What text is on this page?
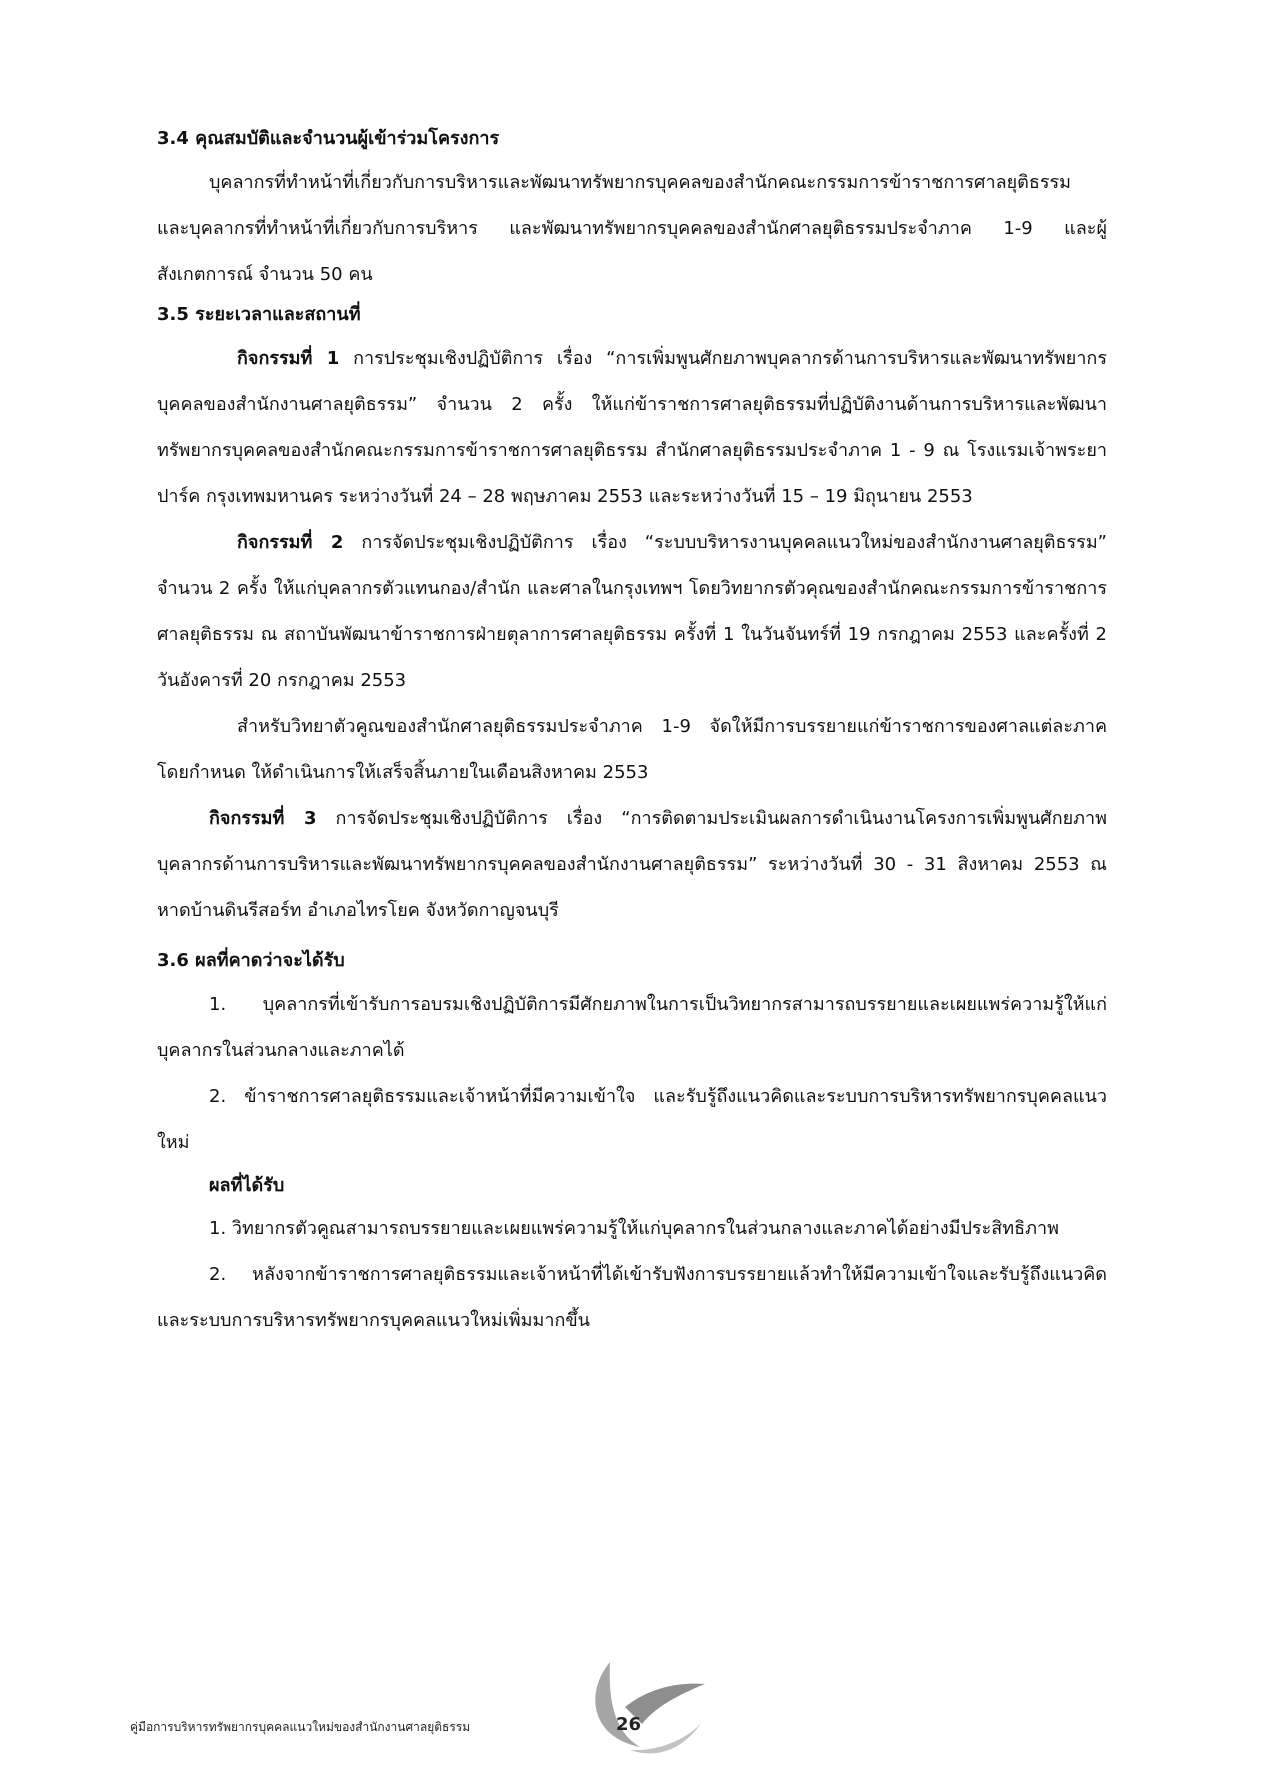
3.4 คุณสมบัติและจำนวนผู้เข้าร่วมโครงการ

บุคลากรที่ทำหน้าที่เกี่ยวกับการบริหารและพัฒนาทรัพยากรบุคคลของสำนักคณะกรรมการข้าราชการศาลยุติธรรม และบุคลากรที่ทำหน้าที่เกี่ยวกับการบริหาร และพัฒนาทรัพยากรบุคคลของสำนักศาลยุติธรรมประจำภาค 1-9 และผู้สังเกตการณ์ จำนวน 50 คน

3.5 ระยะเวลาและสถานที่

กิจกรรมที่ 1 การประชุมเชิงปฏิบัติการ เรื่อง “การเพิ่มพูนศักยภาพบุคลากรด้านการบริหารและพัฒนาทรัพยากรบุคคลของสำนักงานศาลยุติธรรม” จำนวน 2 ครั้ง ให้แก่ข้าราชการศาลยุติธรรมที่ปฏิบัติงานด้านการบริหารและพัฒนาทรัพยากรบุคคลของสำนักคณะกรรมการข้าราชการศาลยุติธรรม สำนักศาลยุติธรรมประจำภาค 1 - 9 ณ โรงแรมเจ้าพระยาปาร์ค กรุงเทพมหานคร ระหว่างวันที่ 24 – 28 พฤษภาคม 2553 และระหว่างวันที่ 15 – 19 มิถุนายน 2553

กิจกรรมที่ 2 การจัดประชุมเชิงปฏิบัติการ เรื่อง “ระบบบริหารงานบุคคลแนวใหม่ของสำนักงานศาลยุติธรรม” จำนวน 2 ครั้ง ให้แก่บุคลากรตัวแทนกอง/สำนัก และศาลในกรุงเทพฯ โดยวิทยากรตัวคุณของสำนักคณะกรรมการข้าราชการศาลยุติธรรม ณ สถาบันพัฒนาข้าราชการฝ่ายตุลาการศาลยุติธรรม ครั้งที่ 1 ในวันจันทร์ที่ 19 กรกฎาคม 2553 และครั้งที่ 2 วันอังคารที่ 20 กรกฎาคม 2553

สำหรับวิทยาตัวคูณของสำนักศาลยุติธรรมประจำภาค 1-9 จัดให้มีการบรรยายแก่ข้าราชการของศาลแต่ละภาค โดยกำหนด ให้ดำเนินการให้เสร็จสิ้นภายในเดือนสิงหาคม 2553

กิจกรรมที่ 3 การจัดประชุมเชิงปฏิบัติการ เรื่อง “การติดตามประเมินผลการดำเนินงานโครงการเพิ่มพูนศักยภาพบุคลากรด้านการบริหารและพัฒนาทรัพยากรบุคคลของสำนักงานศาลยุติธรรม” ระหว่างวันที่ 30 - 31 สิงหาคม 2553 ณ หาดบ้านดินรีสอร์ท อำเภอไทรโยค จังหวัดกาญจนบุรี

3.6 ผลที่คาดว่าจะได้รับ

1. บุคลากรที่เข้ารับการอบรมเชิงปฏิบัติการมีศักยภาพในการเป็นวิทยากรสามารถบรรยายและเผยแพร่ความรู้ให้แก่บุคลากรในส่วนกลางและภาคได้

2. ข้าราชการศาลยุติธรรมและเจ้าหน้าที่มีความเข้าใจ และรับรู้ถึงแนวคิดและระบบการบริหารทรัพยากรบุคคลแนวใหม่

ผลที่ได้รับ

1. วิทยากรตัวคูณสามารถบรรยายและเผยแพร่ความรู้ให้แก่บุคลากรในส่วนกลางและภาคได้อย่างมีประสิทธิภาพ

2. หลังจากข้าราชการศาลยุติธรรมและเจ้าหน้าที่ได้เข้ารับฟังการบรรยายแล้วทำให้มีความเข้าใจและรับรู้ถึงแนวคิดและระบบการบริหารทรัพยากรบุคคลแนวใหม่เพิ่มมากขึ้น

คู่มือการบริหารทรัพยากรบุคคลแนวใหม่ของสำนักงานศาลยุติธรรม	26
